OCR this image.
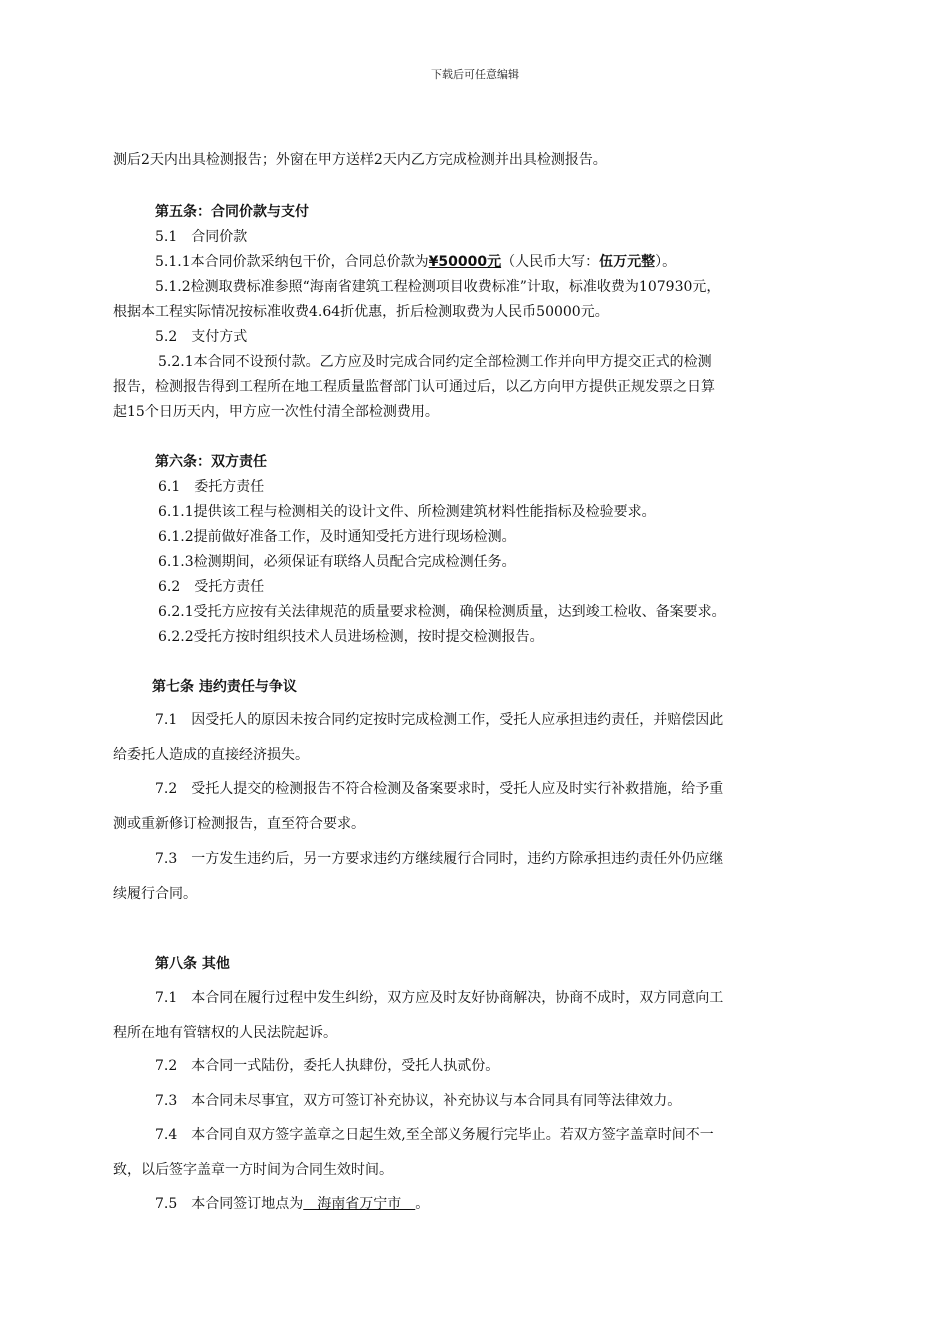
下载后可任意编辑
测后2天内出具检测报告；外窗在甲方送样2天内乙方完成检测并出具检测报告。
第五条：合同价款与支付
5.1　合同价款
5.1.1本合同价款采纳包干价，合同总价款为¥50000元（人民币大写：伍万元整）。
5.1.2检测取费标准参照“海南省建筑工程检测项目收费标准”计取，标准收费为107930元，
根据本工程实际情况按标准收费4.64折优惠，折后检测取费为人民币50000元。
5.2　支付方式
5.2.1本合同不设预付款。乙方应及时完成合同约定全部检测工作并向甲方提交正式的检测
报告，检测报告得到工程所在地工程质量监督部门认可通过后，以乙方向甲方提供正规发票之日算
起15个日历天内，甲方应一次性付清全部检测费用。
第六条：双方责任
6.1　委托方责任
6.1.1提供该工程与检测相关的设计文件、所检测建筑材料性能指标及检验要求。
6.1.2提前做好准备工作，及时通知受托方进行现场检测。
6.1.3检测期间，必须保证有联络人员配合完成检测任务。
6.2　受托方责任
6.2.1受托方应按有关法律规范的质量要求检测，确保检测质量，达到竣工检收、备案要求。
6.2.2受托方按时组织技术人员进场检测，按时提交检测报告。
第七条 违约责任与争议
7.1　因受托人的原因未按合同约定按时完成检测工作，受托人应承担违约责任，并赔偿因此
给委托人造成的直接经济损失。
7.2　受托人提交的检测报告不符合检测及备案要求时，受托人应及时实行补救措施，给予重
测或重新修订检测报告，直至符合要求。
7.3　一方发生违约后，另一方要求违约方继续履行合同时，违约方除承担违约责任外仍应继
续履行合同。
第八条 其他
7.1　本合同在履行过程中发生纠纷，双方应及时友好协商解决，协商不成时，双方同意向工
程所在地有管辖权的人民法院起诉。
7.2　本合同一式陆份，委托人执肆份，受托人执贰份。
7.3　本合同未尽事宜，双方可签订补充协议，补充协议与本合同具有同等法律效力。
7.4　本合同自双方签字盖章之日起生效,至全部义务履行完毕止。若双方签字盖章时间不一
致，以后签字盖章一方时间为合同生效时间。
7.5　本合同签订地点为　海南省万宁市　。
